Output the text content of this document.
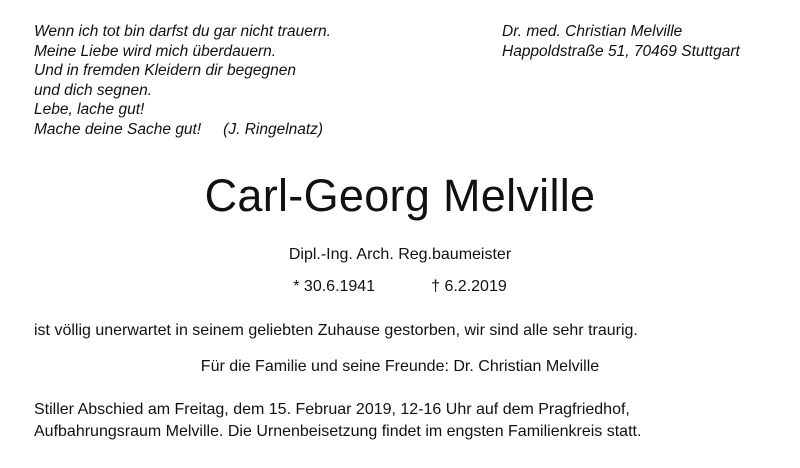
Wenn ich tot bin darfst du gar nicht trauern.
Meine Liebe wird mich überdauern.
Und in fremden Kleidern dir begegnen
und dich segnen.
Lebe, lache gut!
Mache deine Sache gut! (J. Ringelnatz)
Dr. med. Christian Melville
Happoldstraße 51, 70469 Stuttgart
Carl-Georg Melville
Dipl.-Ing. Arch. Reg.baumeister
* 30.6.1941	† 6.2.2019
ist völlig unerwartet in seinem geliebten Zuhause gestorben, wir sind alle sehr traurig.
Für die Familie und seine Freunde: Dr. Christian Melville
Stiller Abschied am Freitag, dem 15. Februar 2019, 12-16 Uhr auf dem Pragfriedhof,
Aufbahrungsraum Melville. Die Urnenbeisetzung findet im engsten Familienkreis statt.
